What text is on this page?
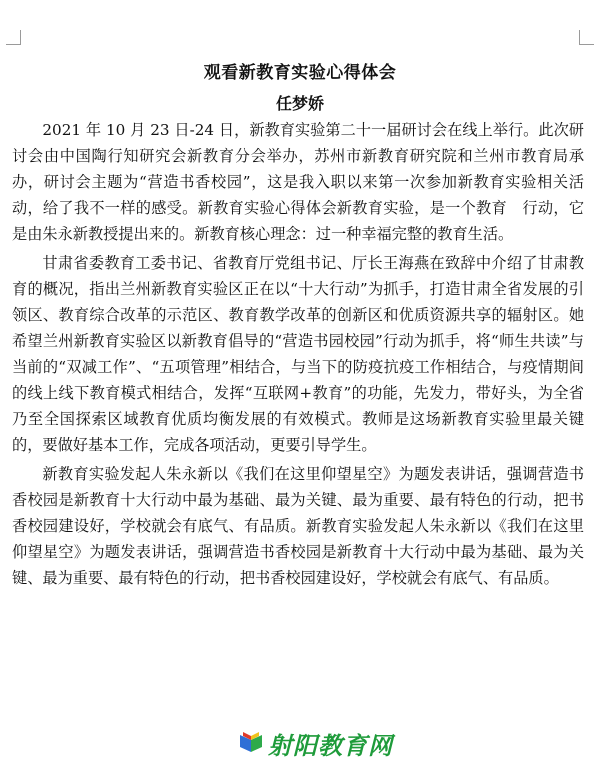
观看新教育实验心得体会
任梦娇

2021 年 10 月 23 日-24 日，新教育实验第二十一届研讨会在线上举行。此次研讨会由中国陶行知研究会新教育分会举办，苏州市新教育研究院和兰州市教育局承办，研讨会主题为“营造书香校园”，这是我入职以来第一次参加新教育实验相关活动，给了我不一样的感受。新教育实验心得体会新教育实验，是一个教育　行动，它是由朱永新教授提出来的。新教育核心理念：过一种幸福完整的教育生活。

甘肃省委教育工委书记、省教育厅党组书记、厅长王海燕在致辞中介绍了甘肃教育的概况，指出兰州新教育实验区正在以“十大行动”为抓手，打造甘肃全省发展的引领区、教育综合改革的示范区、教育教学改革的创新区和优质资源共享的辐射区。她希望兰州新教育实验区以新教育倡导的“营造书园校园”行动为抓手，将“师生共读”与当前的“双减工作”、“五项管理”相结合，与当下的防疫抗疫工作相结合，与疫情期间的线上线下教育模式相结合，发挥“互联网+教育”的功能，先发力，带好头，为全省乃至全国探索区域教育优质均衡发展的有效模式。教师是这场新教育实验里最关键的，要做好基本工作，完成各项活动，更要引导学生。

新教育实验发起人朱永新以《我们在这里仰望星空》为题发表讲话，强调营造书香校园是新教育十大行动中最为基础、最为关键、最为重要、最有特色的行动，把书香校园建设好，学校就会有底气、有品质。新教育实验发起人朱永新以《我们在这里仰望星空》为题发表讲话，强调营造书香校园是新教育十大行动中最为基础、最为关键、最为重要、最有特色的行动，把书香校园建设好，学校就会有底气、有品质。

射阳教育网
